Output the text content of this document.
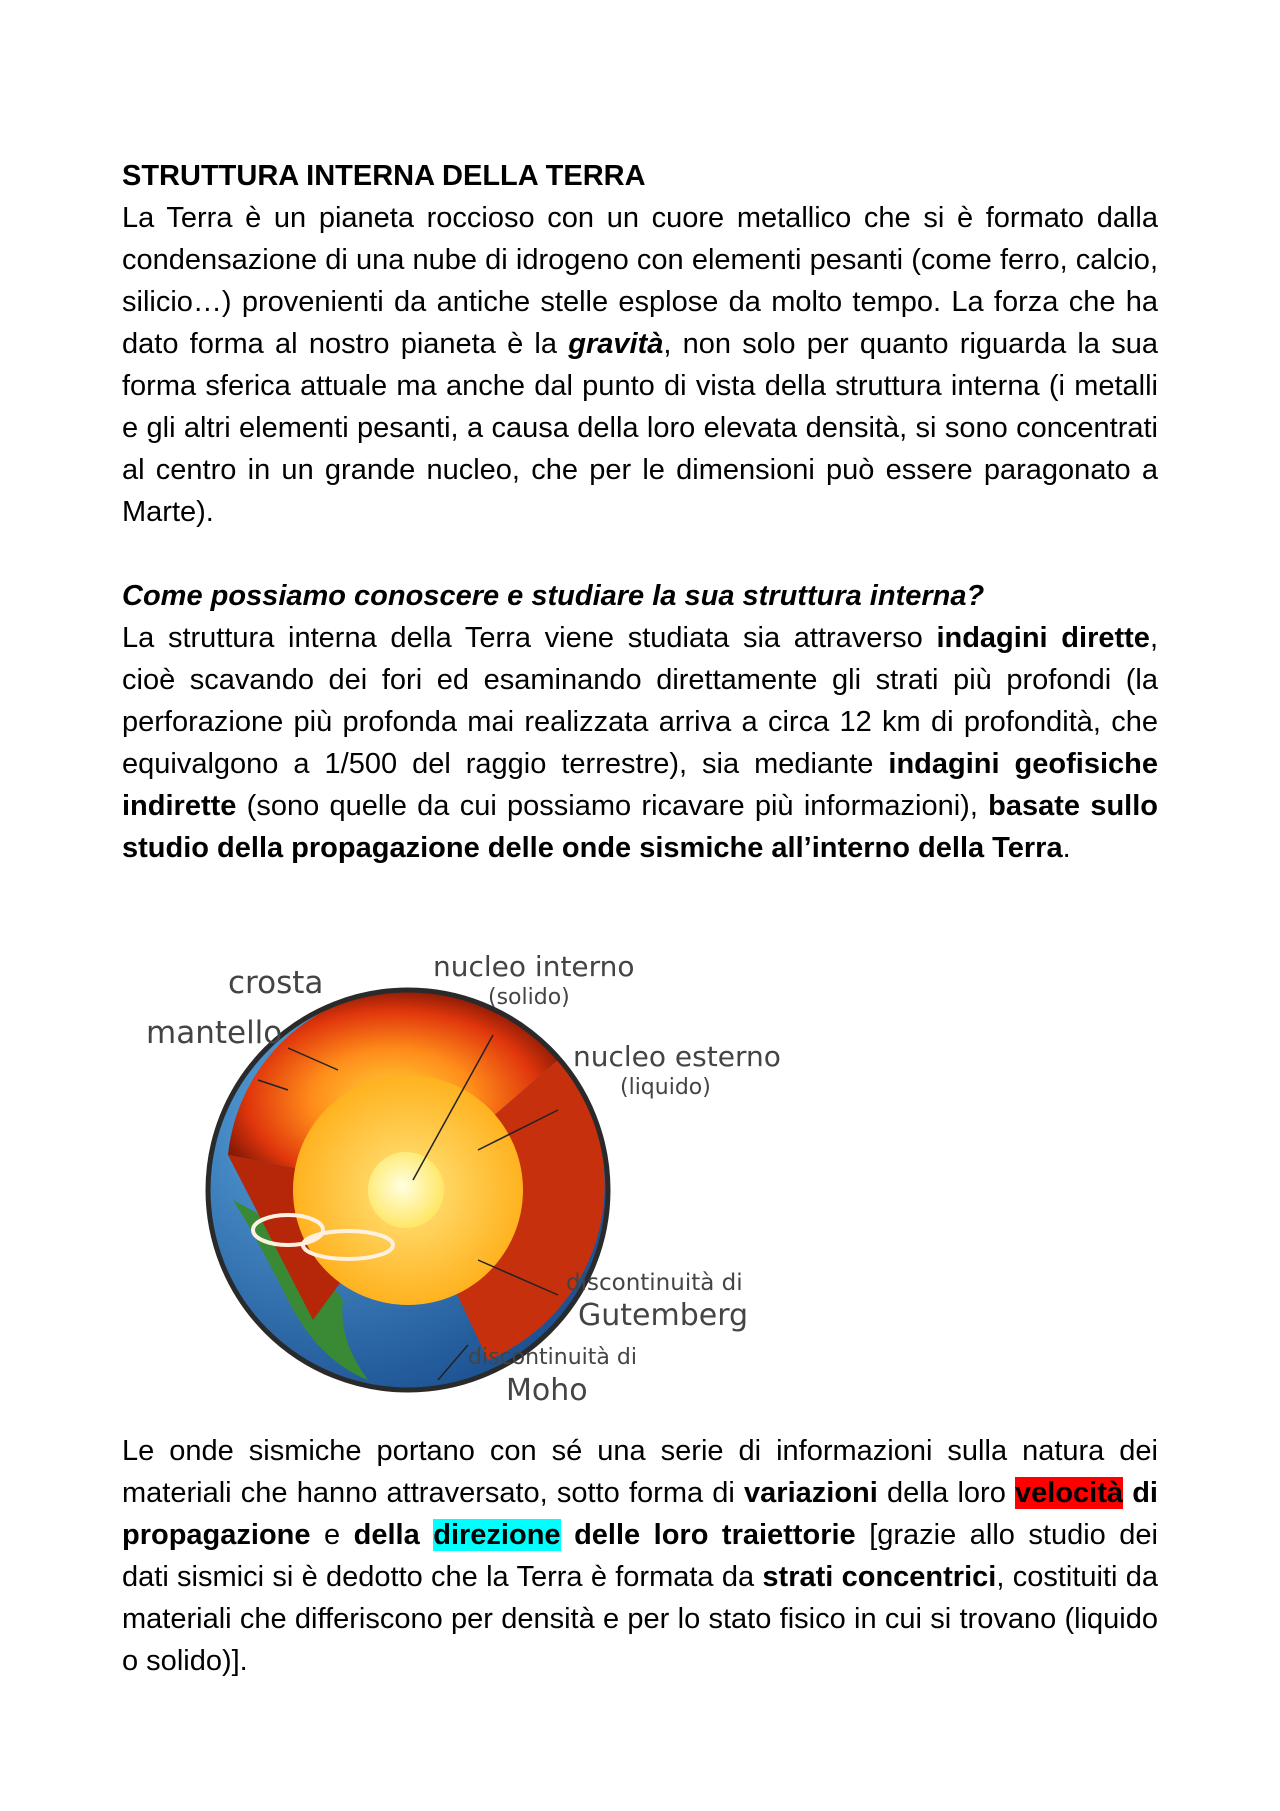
STRUTTURA INTERNA DELLA TERRA
La Terra è un pianeta roccioso con un cuore metallico che si è formato dalla condensazione di una nube di idrogeno con elementi pesanti (come ferro, calcio, silicio…) provenienti da antiche stelle esplose da molto tempo. La forza che ha dato forma al nostro pianeta è la gravità, non solo per quanto riguarda la sua forma sferica attuale ma anche dal punto di vista della struttura interna (i metalli e gli altri elementi pesanti, a causa della loro elevata densità, si sono concentrati al centro in un grande nucleo, che per le dimensioni può essere paragonato a Marte).
Come possiamo conoscere e studiare la sua struttura interna?
La struttura interna della Terra viene studiata sia attraverso indagini dirette, cioè scavando dei fori ed esaminando direttamente gli strati più profondi (la perforazione più profonda mai realizzata arriva a circa 12 km di profondità, che equivalgono a 1/500 del raggio terrestre), sia mediante indagini geofisiche indirette (sono quelle da cui possiamo ricavare più informazioni), basate sullo studio della propagazione delle onde sismiche all’interno della Terra.
crosta
mantello
nucleo interno
(solido)
nucleo esterno
(liquido)
discontinuità di
Gutemberg
discontinuità di
Moho
Le onde sismiche portano con sé una serie di informazioni sulla natura dei materiali che hanno attraversato, sotto forma di variazioni della loro velocità di propagazione e della direzione delle loro traiettorie [grazie allo studio dei dati sismici si è dedotto che la Terra è formata da strati concentrici, costituiti da materiali che differiscono per densità e per lo stato fisico in cui si trovano (liquido o solido)].
